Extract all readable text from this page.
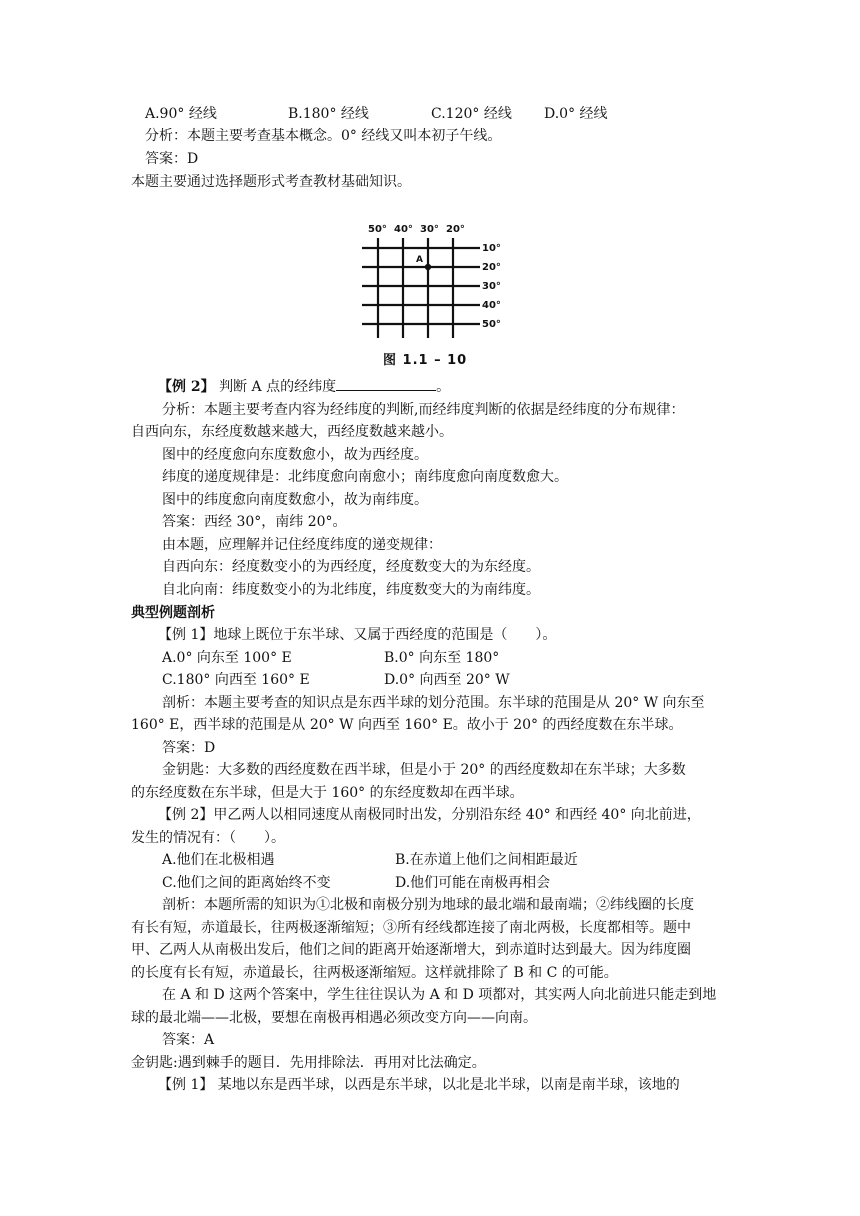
A.90° 经线	B.180° 经线	C.120° 经线 D.0° 经线
分析：本题主要考查基本概念。0° 经线又叫本初子午线。
答案：D
本题主要通过选择题形式考查教材基础知识。
50° 40° 30° 20°
10°
20°
30°
40°
50°
A
图 1.1 – 10
【例 2】 判断 A 点的经纬度	。
分析：本题主要考查内容为经纬度的判断,而经纬度判断的依据是经纬度的分布规律：
自西向东，东经度数越来越大，西经度数越来越小。
图中的经度愈向东度数愈小，故为西经度。
纬度的递度规律是：北纬度愈向南愈小；南纬度愈向南度数愈大。
图中的纬度愈向南度数愈小，故为南纬度。
答案：西经 30°，南纬 20°。
由本题，应理解并记住经度纬度的递变规律：
自西向东：经度数变小的为西经度，经度数变大的为东经度。
自北向南：纬度数变小的为北纬度，纬度数变大的为南纬度。
典型例题剖析
【例 1】地球上既位于东半球、又属于西经度的范围是（　　）。
A.0° 向东至 100° E	B.0° 向东至 180°
C.180° 向西至 160° E	D.0° 向西至 20° W
剖析：本题主要考查的知识点是东西半球的划分范围。东半球的范围是从 20° W 向东至
160° E，西半球的范围是从 20° W 向西至 160° E。故小于 20° 的西经度数在东半球。
答案：D
金钥匙：大多数的西经度数在西半球，但是小于 20° 的西经度数却在东半球；大多数
的东经度数在东半球，但是大于 160° 的东经度数却在西半球。
【例 2】甲乙两人以相同速度从南极同时出发，分别沿东经 40° 和西经 40° 向北前进，
发生的情况有：（　　）。
A.他们在北极相遇	B.在赤道上他们之间相距最近
C.他们之间的距离始终不变	D.他们可能在南极再相会
剖析：本题所需的知识为①北极和南极分别为地球的最北端和最南端；②纬线圈的长度
有长有短，赤道最长，往两极逐渐缩短；③所有经线都连接了南北两极，长度都相等。题中
甲、乙两人从南极出发后，他们之间的距离开始逐渐增大，到赤道时达到最大。因为纬度圈
的长度有长有短，赤道最长，往两极逐渐缩短。这样就排除了 B 和 C 的可能。
在 A 和 D 这两个答案中，学生往往误认为 A 和 D 项都对，其实两人向北前进只能走到地
球的最北端——北极，要想在南极再相遇必须改变方向——向南。
答案：A
金钥匙:遇到棘手的题目．先用排除法．再用对比法确定。
【例 1】 某地以东是西半球，以西是东半球，以北是北半球，以南是南半球，该地的
